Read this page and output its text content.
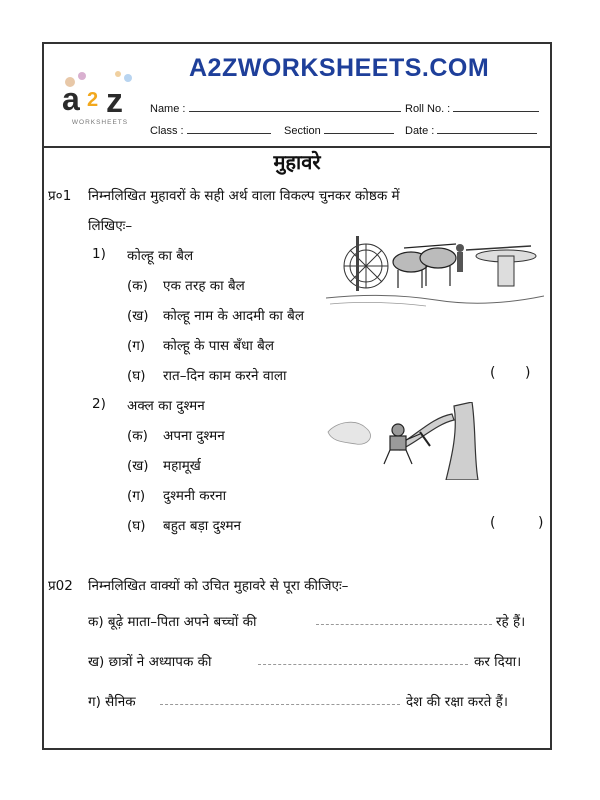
A2ZWORKSHEETS.COM
a 2 z
WORKSHEETS
Name :	Roll No. :
Class :	Section	Date :
मुहावरे
प्र०1 निम्नलिखित मुहावरों के सही अर्थ वाला विकल्प चुनकर कोष्ठक में
लिखिएः–
1) कोल्हू का बैल
(क) एक तरह का बैल
(ख) कोल्हू नाम के आदमी का बैल
(ग) कोल्हू के पास बँधा बैल
(घ) रात–दिन काम करने वाला	( )
2) अक्ल का दुश्मन
(क) अपना दुश्मन
(ख) महामूर्ख
(ग) दुश्मनी करना
(घ) बहुत बड़ा दुश्मन	(	)
प्र02 निम्नलिखित वाक्यों को उचित मुहावरे से पूरा कीजिएः–
क) बूढ़े माता–पिता अपने बच्चों की	रहे हैं।
ख) छात्रों ने अध्यापक की	कर दिया।
ग) सैनिक	देश की रक्षा करते हैं।
